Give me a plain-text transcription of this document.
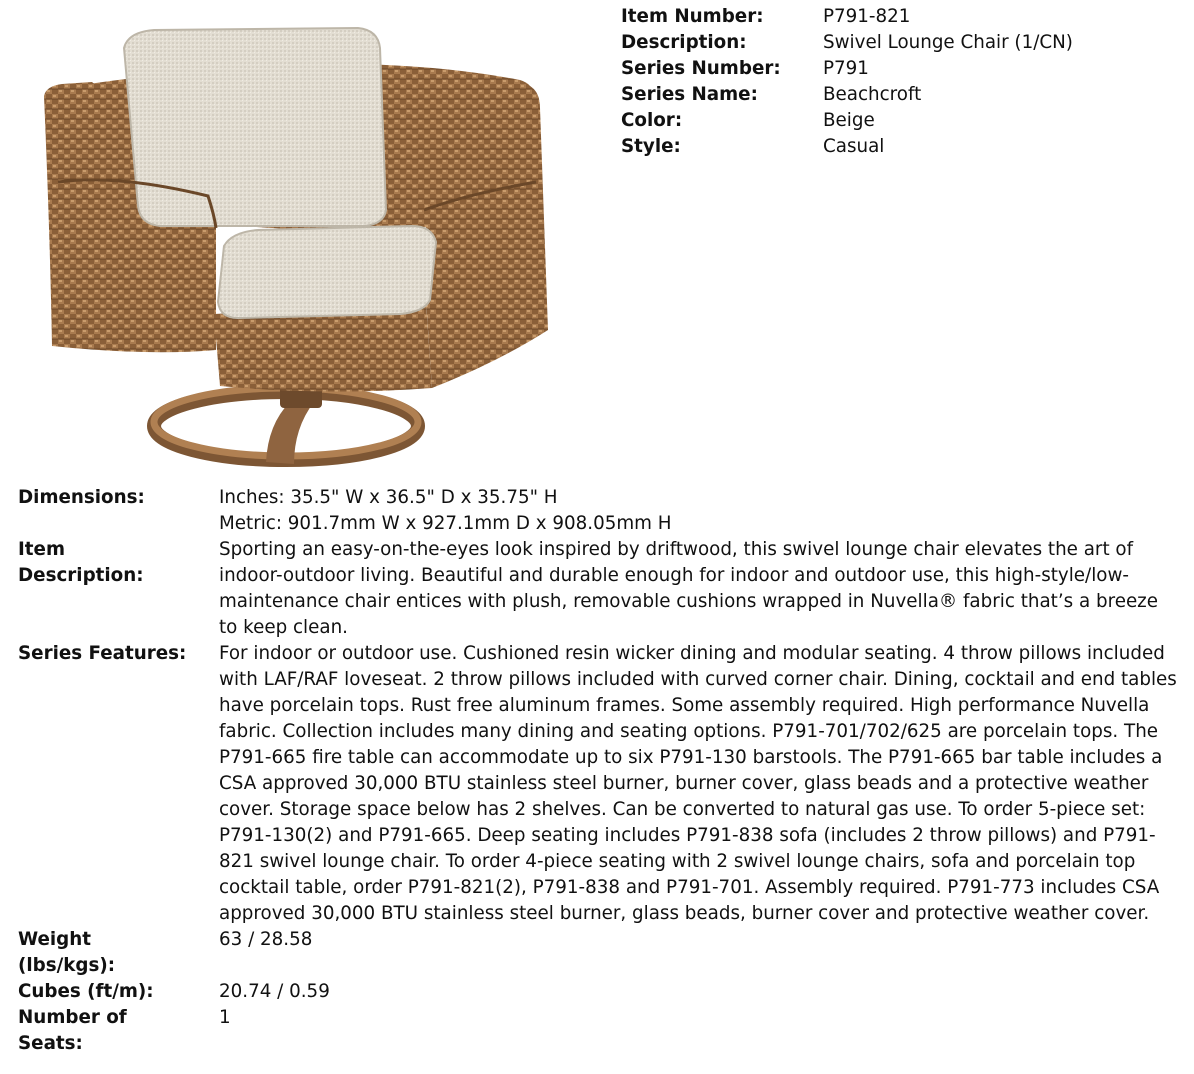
Item Number:	P791-821
Description:	Swivel Lounge Chair (1/CN)
Series Number:	P791
Series Name:	Beachcroft
Color:	Beige
Style:	Casual
Dimensions:	Inches: 35.5" W x 36.5" D x 35.75" H
Metric: 901.7mm W x 927.1mm D x 908.05mm H

Item
Description:	Sporting an easy-on-the-eyes look inspired by driftwood, this swivel lounge chair elevates the art of indoor-outdoor living. Beautiful and durable enough for indoor and outdoor use, this high-style/low-maintenance chair entices with plush, removable cushions wrapped in Nuvella® fabric that’s a breeze to keep clean.
Series Features:	For indoor or outdoor use. Cushioned resin wicker dining and modular seating. 4 throw pillows included with LAF/RAF loveseat. 2 throw pillows included with curved corner chair. Dining, cocktail and end tables have porcelain tops. Rust free aluminum frames. Some assembly required. High performance Nuvella fabric. Collection includes many dining and seating options. P791-701/702/625 are porcelain tops. The P791-665 fire table can accommodate up to six P791-130 barstools. The P791-665 bar table includes a CSA approved 30,000 BTU stainless steel burner, burner cover, glass beads and a protective weather cover. Storage space below has 2 shelves. Can be converted to natural gas use. To order 5-piece set: P791-130(2) and P791-665. Deep seating includes P791-838 sofa (includes 2 throw pillows) and P791-821 swivel lounge chair. To order 4-piece seating with 2 swivel lounge chairs, sofa and porcelain top cocktail table, order P791-821(2), P791-838 and P791-701. Assembly required. P791-773 includes CSA approved 30,000 BTU stainless steel burner, glass beads, burner cover and protective weather cover.

Weight
(lbs/kgs):	63 / 28.58
Cubes (ft/m):	20.74 / 0.59

Number of
Seats:	1
